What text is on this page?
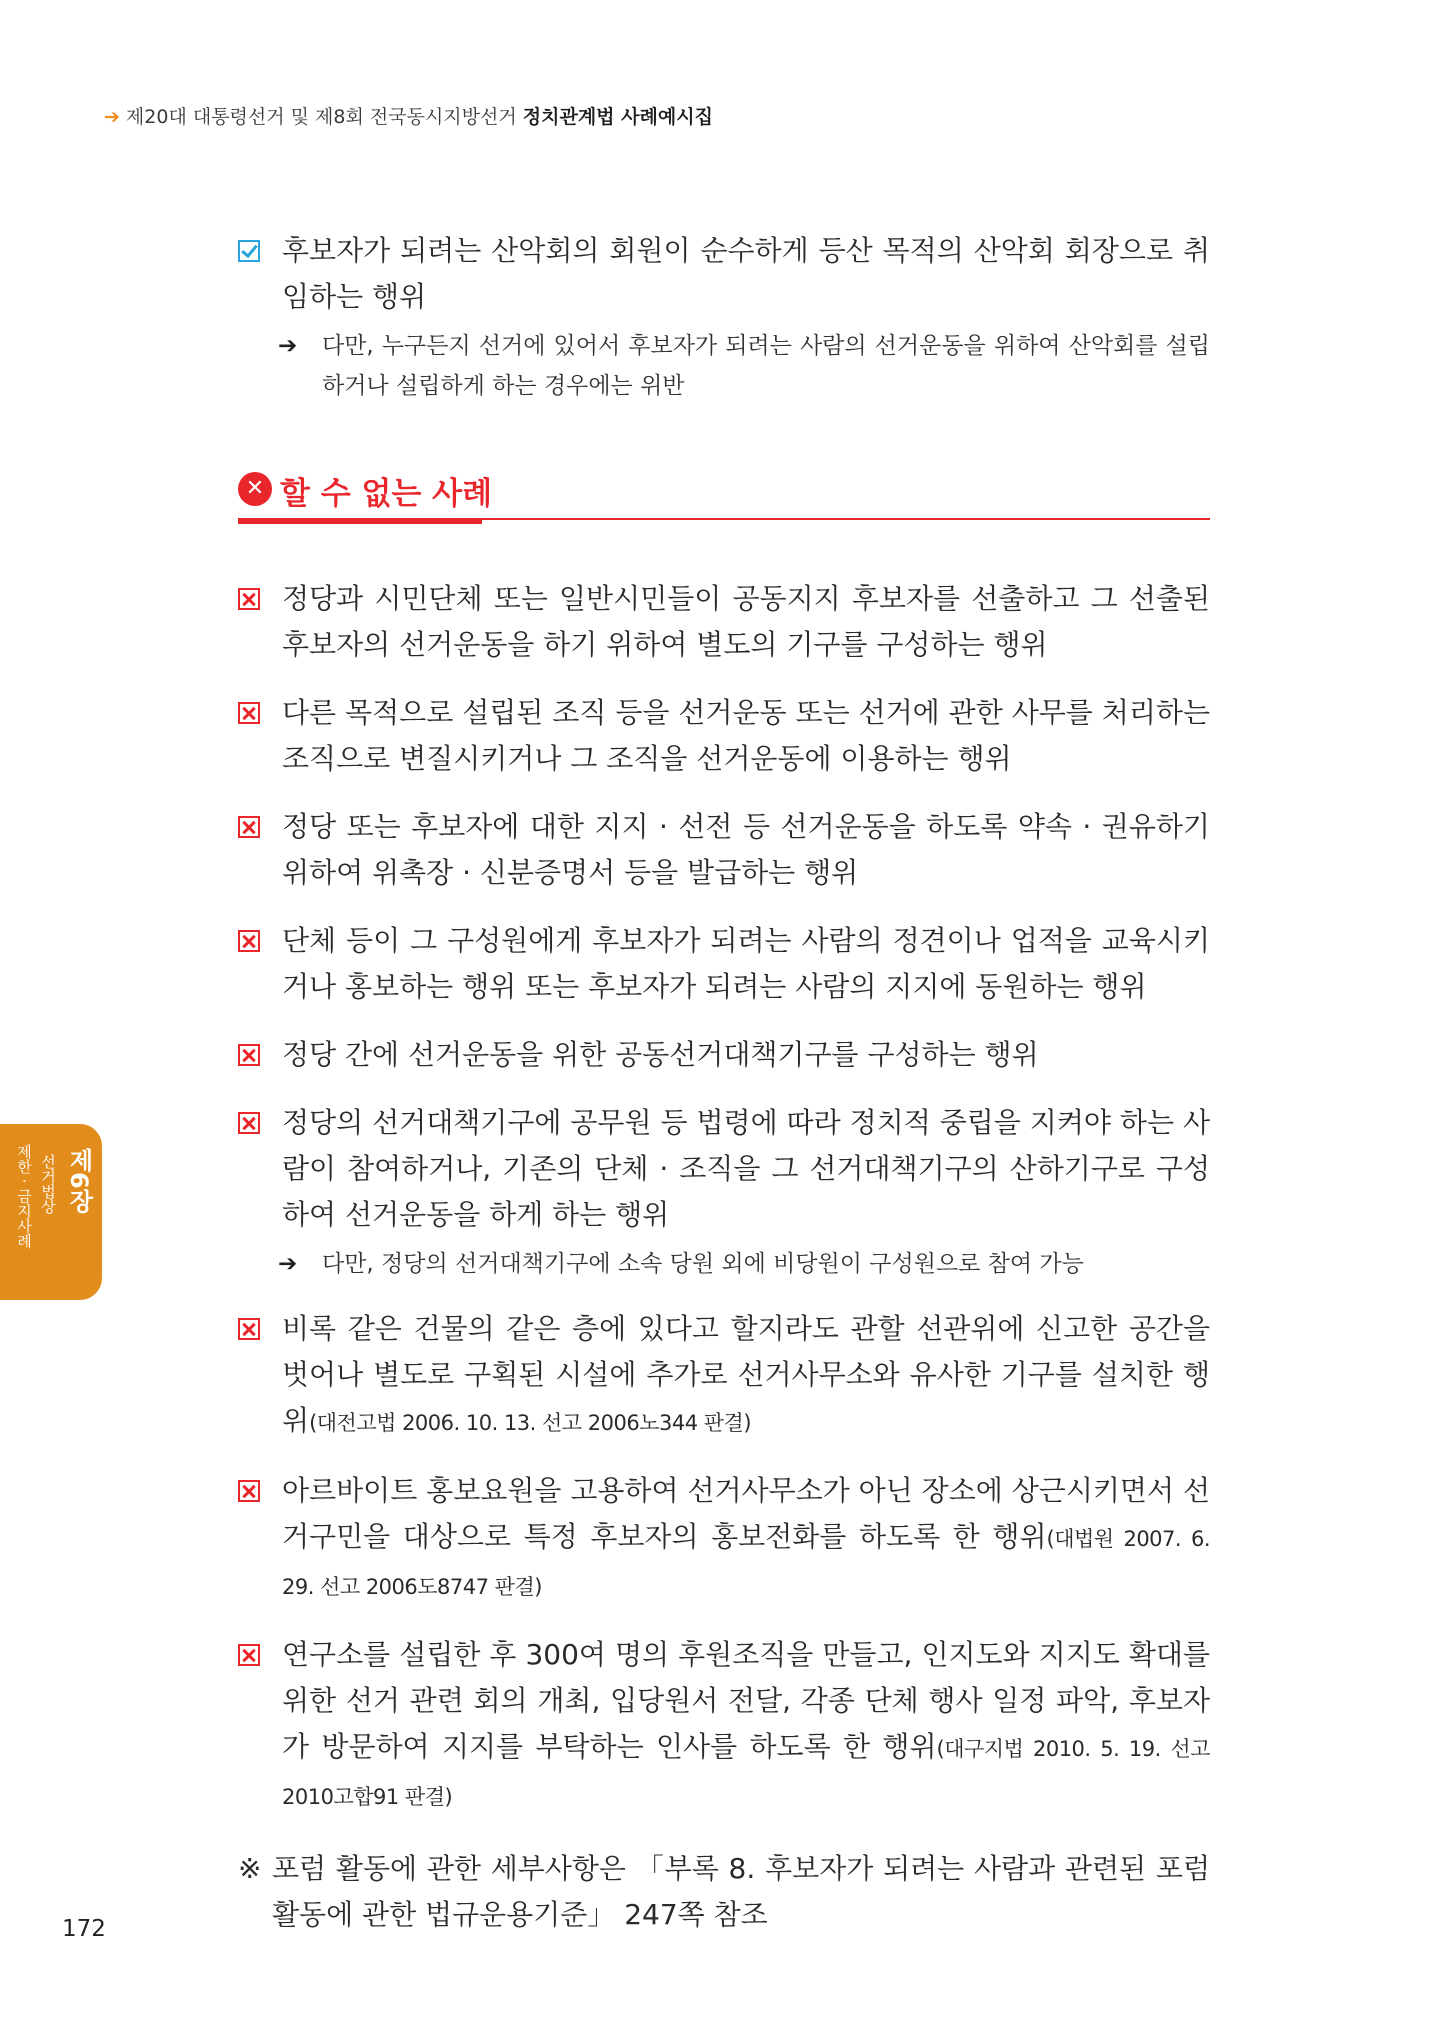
➔ 제20대 대통령선거 및 제8회 전국동시지방선거 정치관계법 사례예시집
후보자가 되려는 산악회의 회원이 순수하게 등산 목적의 산악회 회장으로 취임하는 행위
➔ 다만, 누구든지 선거에 있어서 후보자가 되려는 사람의 선거운동을 위하여 산악회를 설립하거나 설립하게 하는 경우에는 위반
✕ 할 수 없는 사례
정당과 시민단체 또는 일반시민들이 공동지지 후보자를 선출하고 그 선출된 후보자의 선거운동을 하기 위하여 별도의 기구를 구성하는 행위
다른 목적으로 설립된 조직 등을 선거운동 또는 선거에 관한 사무를 처리하는 조직으로 변질시키거나 그 조직을 선거운동에 이용하는 행위
정당 또는 후보자에 대한 지지 · 선전 등 선거운동을 하도록 약속 · 권유하기 위하여 위촉장 · 신분증명서 등을 발급하는 행위
단체 등이 그 구성원에게 후보자가 되려는 사람의 정견이나 업적을 교육시키거나 홍보하는 행위 또는 후보자가 되려는 사람의 지지에 동원하는 행위
정당 간에 선거운동을 위한 공동선거대책기구를 구성하는 행위
정당의 선거대책기구에 공무원 등 법령에 따라 정치적 중립을 지켜야 하는 사람이 참여하거나, 기존의 단체 · 조직을 그 선거대책기구의 산하기구로 구성하여 선거운동을 하게 하는 행위
➔ 다만, 정당의 선거대책기구에 소속 당원 외에 비당원이 구성원으로 참여 가능
비록 같은 건물의 같은 층에 있다고 할지라도 관할 선관위에 신고한 공간을 벗어나 별도로 구획된 시설에 추가로 선거사무소와 유사한 기구를 설치한 행위(대전고법 2006. 10. 13. 선고 2006노344 판결)
아르바이트 홍보요원을 고용하여 선거사무소가 아닌 장소에 상근시키면서 선거구민을 대상으로 특정 후보자의 홍보전화를 하도록 한 행위(대법원 2007. 6. 29. 선고 2006도8747 판결)
연구소를 설립한 후 300여 명의 후원조직을 만들고, 인지도와 지지도 확대를 위한 선거 관련 회의 개최, 입당원서 전달, 각종 단체 행사 일정 파악, 후보자가 방문하여 지지를 부탁하는 인사를 하도록 한 행위(대구지법 2010. 5. 19. 선고 2010고합91 판결)
※ 포럼 활동에 관한 세부사항은 「부록 8. 후보자가 되려는 사람과 관련된 포럼 활동에 관한 법규운용기준」 247쪽 참조
제6장
선거법상
제한 · 금지사례
172
